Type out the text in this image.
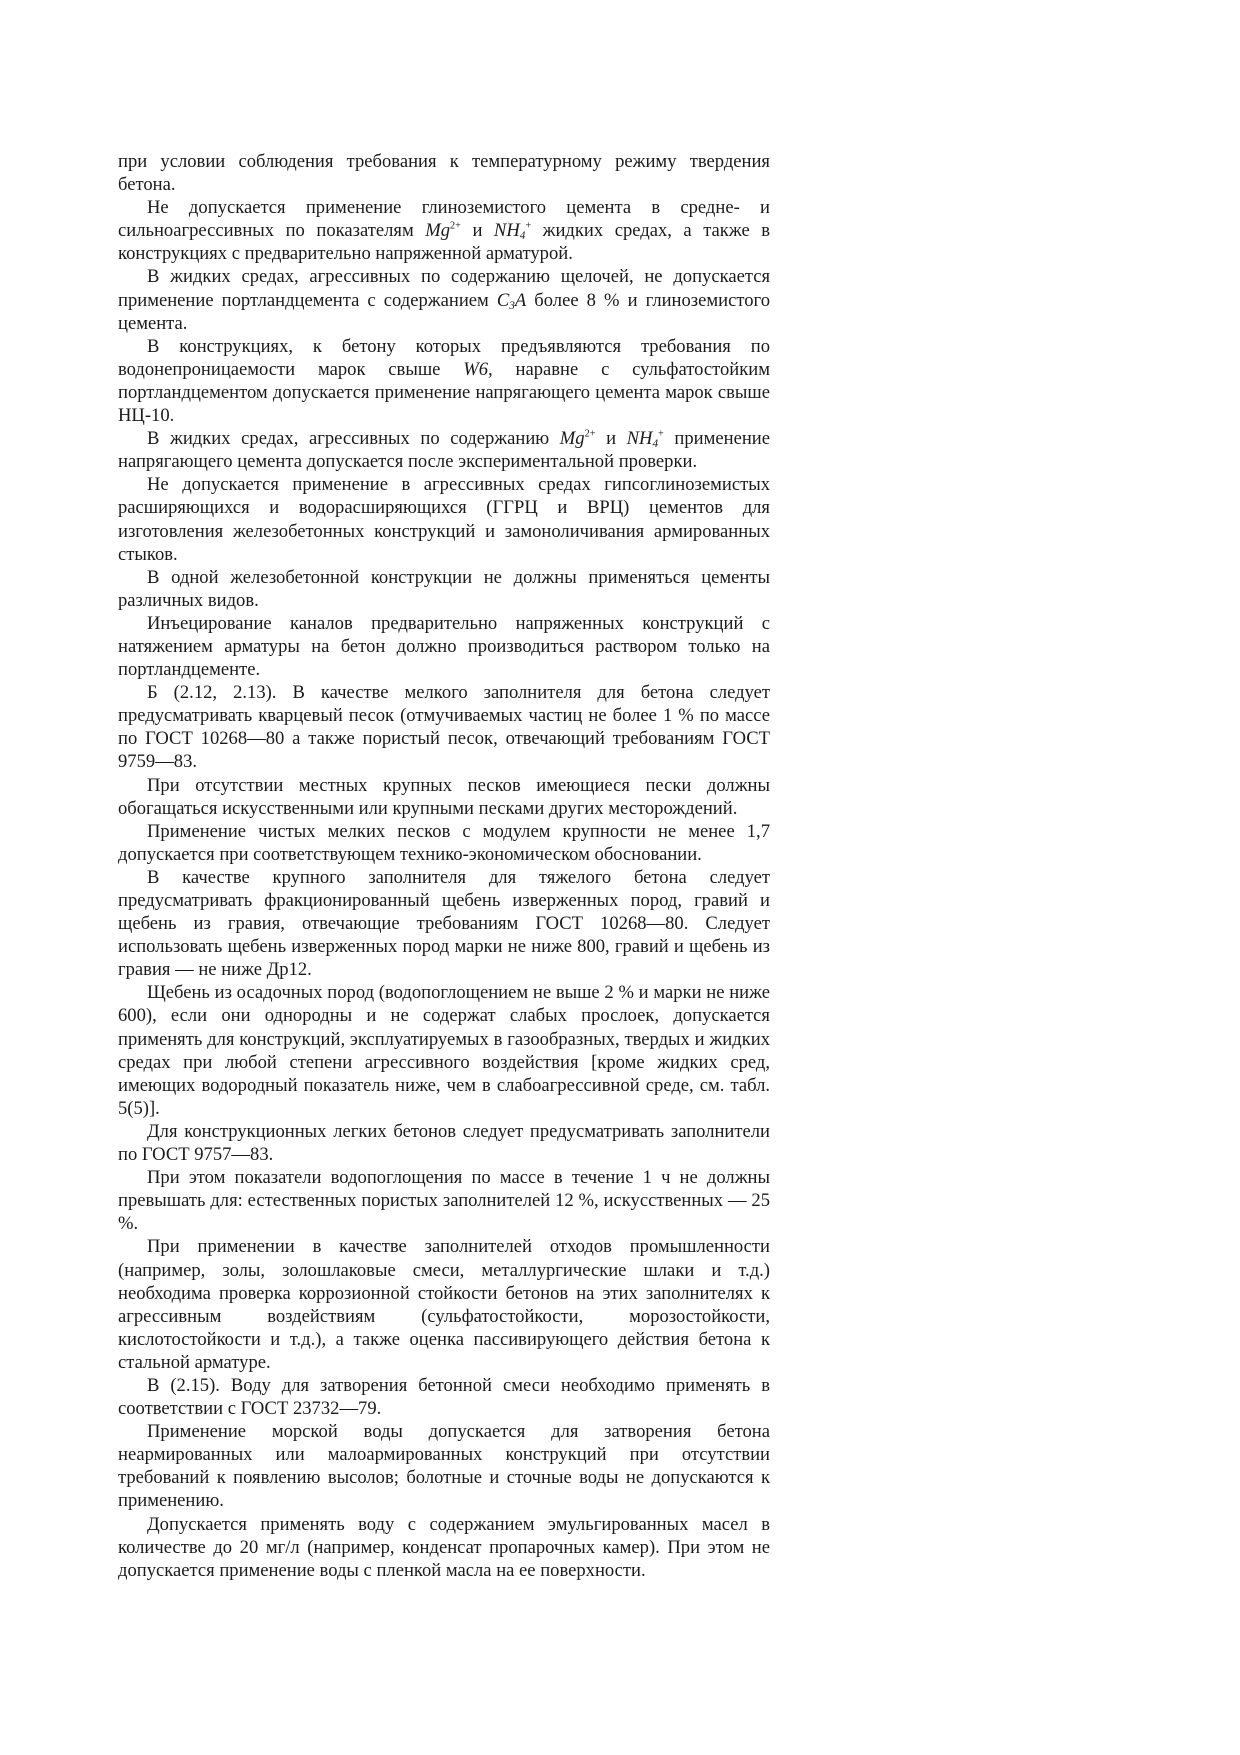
при условии соблюдения требования к температурному режиму твердения бетона.

Не допускается применение глиноземистого цемента в средне- и сильноагрессивных по показателям $Mg^{2+}$ и $NH_4^+$ жидких средах, а также в конструкциях с предварительно напряженной арматурой.

В жидких средах, агрессивных по содержанию щелочей, не допускается применение портландцемента с содержанием $C_3A$ более 8 % и глиноземистого цемента.

В конструкциях, к бетону которых предъявляются требования по водонепроницаемости марок свыше W6, наравне с сульфатостойким портландцементом допускается применение напрягающего цемента марок свыше НЦ-10.

В жидких средах, агрессивных по содержанию $Mg^{2+}$ и $NH_4^+$ применение напрягающего цемента допускается после экспериментальной проверки.

Не допускается применение в агрессивных средах гипсоглиноземистых расширяющихся и водорасширяющихся (ГГРЦ и ВРЦ) цементов для изготовления железобетонных конструкций и замоноличивания армированных стыков.

В одной железобетонной конструкции не должны применяться цементы различных видов.

Инъецирование каналов предварительно напряженных конструкций с натяжением арматуры на бетон должно производиться раствором только на портландцементе.

Б (2.12, 2.13). В качестве мелкого заполнителя для бетона следует предусматривать кварцевый песок (отмучиваемых частиц не более 1 % по массе по ГОСТ 10268—80 а также пористый песок, отвечающий требованиям ГОСТ 9759—83.

При отсутствии местных крупных песков имеющиеся пески должны обогащаться искусственными или крупными песками других месторождений.

Применение чистых мелких песков с модулем крупности не менее 1,7 допускается при соответствующем технико-экономическом обосновании.

В качестве крупного заполнителя для тяжелого бетона следует предусматривать фракционированный щебень изверженных пород, гравий и щебень из гравия, отвечающие требованиям ГОСТ 10268—80. Следует использовать щебень изверженных пород марки не ниже 800, гравий и щебень из гравия — не ниже Др12.

Щебень из осадочных пород (водопоглощением не выше 2 % и марки не ниже 600), если они однородны и не содержат слабых прослоек, допускается применять для конструкций, эксплуатируемых в газообразных, твердых и жидких средах при любой степени агрессивного воздействия [кроме жидких сред, имеющих водородный показатель ниже, чем в слабоагрессивной среде, см. табл. 5(5)].

Для конструкционных легких бетонов следует предусматривать заполнители по ГОСТ 9757—83.

При этом показатели водопоглощения по массе в течение 1 ч не должны превышать для: естественных пористых заполнителей 12 %, искусственных — 25 %.

При применении в качестве заполнителей отходов промышленности (например, золы, золошлаковые смеси, металлургические шлаки и т.д.) необходима проверка коррозионной стойкости бетонов на этих заполнителях к агрессивным воздействиям (сульфатостойкости, морозостойкости, кислотостойкости и т.д.), а также оценка пассивирующего действия бетона к стальной арматуре.

В (2.15). Воду для затворения бетонной смеси необходимо применять в соответствии с ГОСТ 23732—79.

Применение морской воды допускается для затворения бетона неармированных или малоармированных конструкций при отсутствии требований к появлению высолов; болотные и сточные воды не допускаются к применению.

Допускается применять воду с содержанием эмульгированных масел в количестве до 20 мг/л (например, конденсат пропарочных камер). При этом не допускается применение воды с пленкой масла на ее поверхности.
